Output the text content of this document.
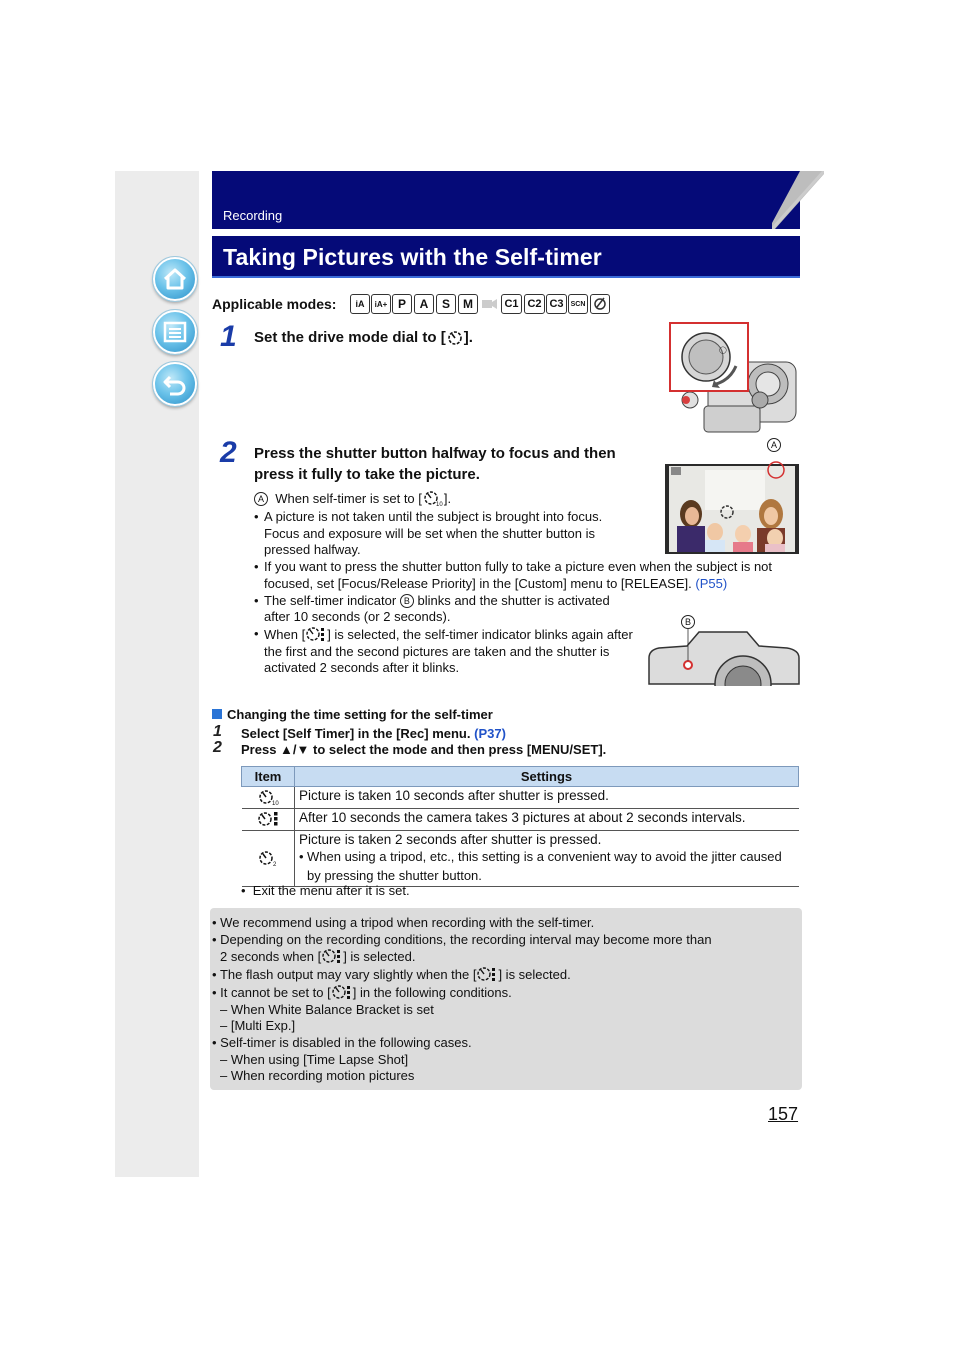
Recording
Taking Pictures with the Self-timer
Applicable modes:	iA	iA+ P	A	S	M	C1 C2 C3	SCN
1 Set the drive mode dial to [ ].
◯
2 Press the shutter button halfway to focus and then press it fully to take the picture.
A When self-timer is set to [ 10 ].
• A picture is not taken until the subject is brought into focus. Focus and exposure will be set when the shutter button is pressed halfway.
• If you want to press the shutter button fully to take a picture even when the subject is not focused, set [Focus/Release Priority] in the [Custom] menu to [RELEASE]. (P55)
• The self-timer indicator B blinks and the shutter is activated after 10 seconds (or 2 seconds).
• When [ ] is selected, the self-timer indicator blinks again after the first and the second pictures are taken and the shutter is activated 2 seconds after it blinks.
A
B
Changing the time setting for the self-timer
1 Select [Self Timer] in the [Rec] menu. (P37)
2 Press ▲/▼ to select the mode and then press [MENU/SET].
Item	Settings

10	Picture is taken 10 seconds after shutter is pressed.
	After 10 seconds the camera takes 3 pictures at about 2 seconds intervals.

2	Picture is taken 2 seconds after shutter is pressed.
• When using a tripod, etc., this setting is a convenient way to avoid the jitter caused by pressing the shutter button.
•  Exit the menu after it is set.
• We recommend using a tripod when recording with the self-timer.
• Depending on the recording conditions, the recording interval may become more than
2 seconds when [ ] is selected.
• The flash output may vary slightly when the [ ] is selected.
• It cannot be set to [ ] in the following conditions.
– When White Balance Bracket is set
– [Multi Exp.]
• Self-timer is disabled in the following cases.
– When using [Time Lapse Shot]
– When recording motion pictures
157
